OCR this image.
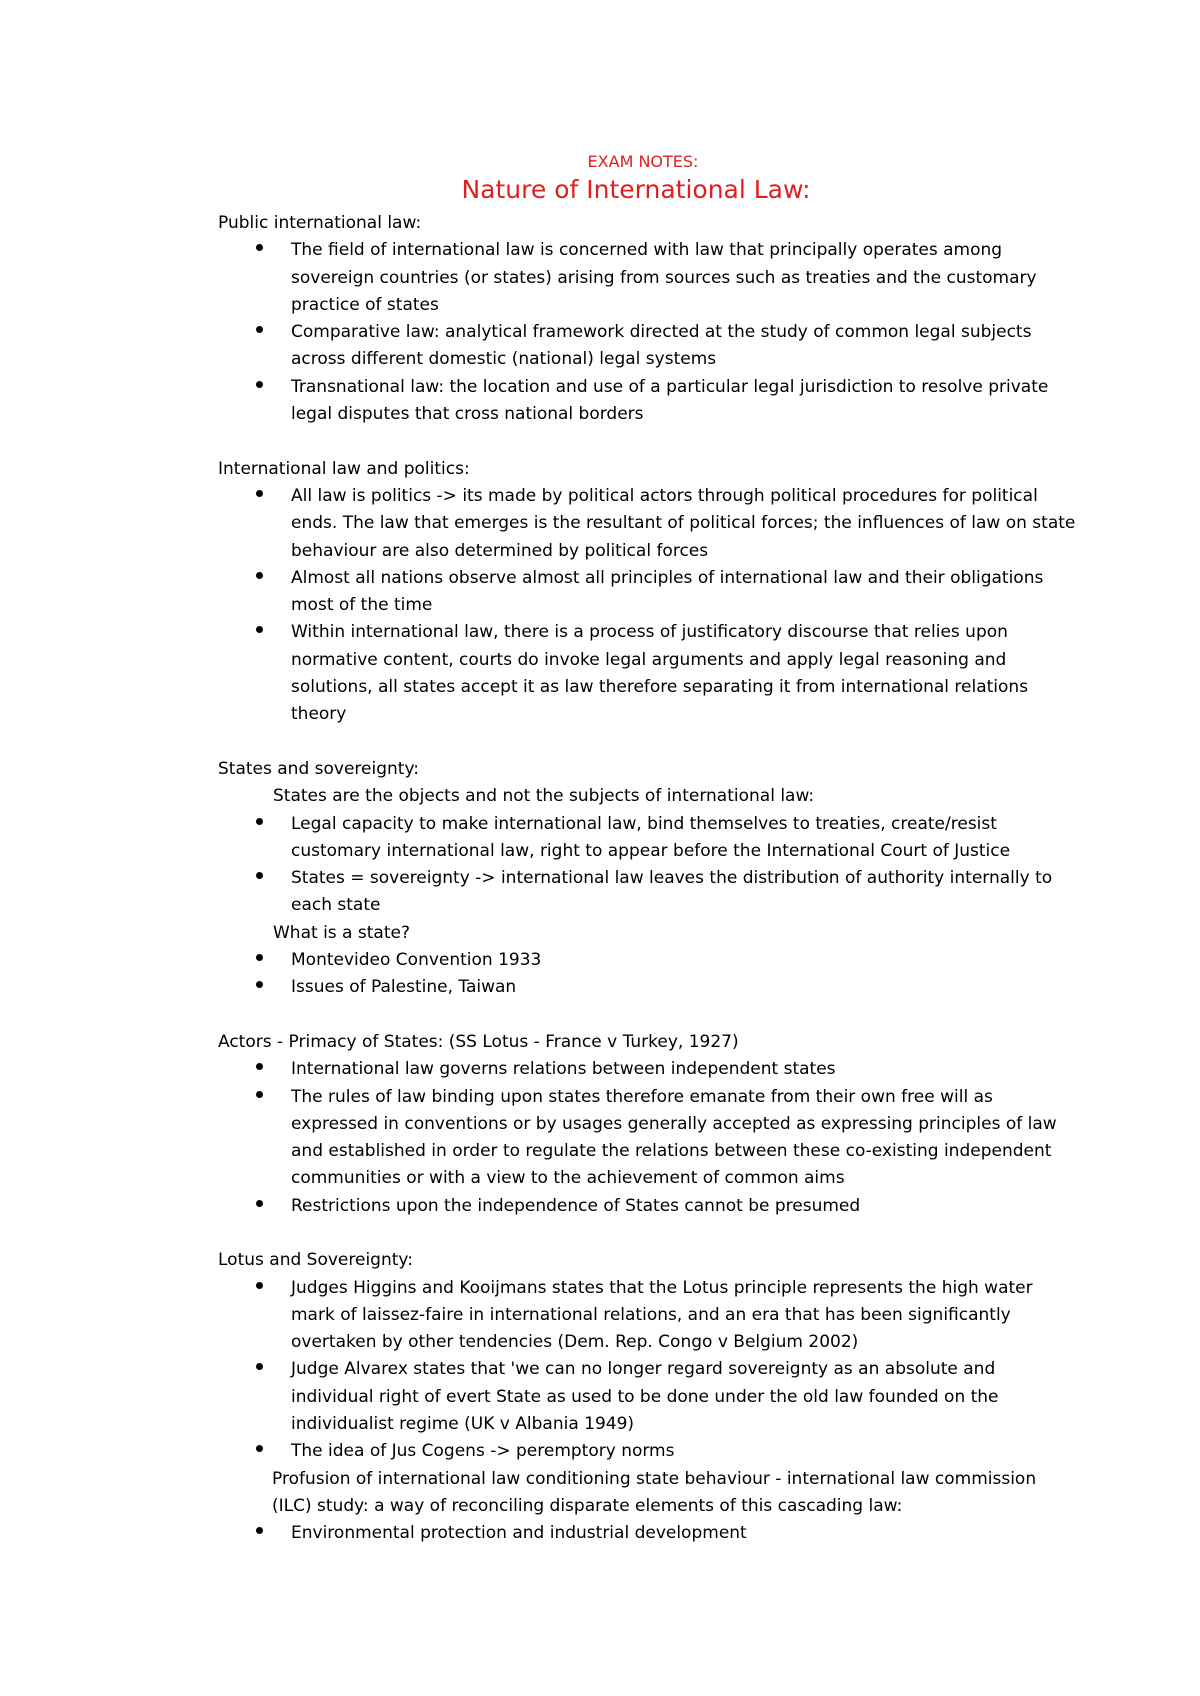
EXAM NOTES:
Nature of International Law:
Public international law:
The field of international law is concerned with law that principally operates among sovereign countries (or states) arising from sources such as treaties and the customary practice of states
Comparative law: analytical framework directed at the study of common legal subjects across different domestic (national) legal systems
Transnational law: the location and use of a particular legal jurisdiction to resolve private legal disputes that cross national borders
International law and politics:
All law is politics -> its made by political actors through political procedures for political ends. The law that emerges is the resultant of political forces; the influences of law on state behaviour are also determined by political forces
Almost all nations observe almost all principles of international law and their obligations most of the time
Within international law, there is a process of justificatory discourse that relies upon normative content, courts do invoke legal arguments and apply legal reasoning and solutions, all states accept it as law therefore separating it from international relations theory
States and sovereignty:
States are the objects and not the subjects of international law:
Legal capacity to make international law, bind themselves to treaties, create/resist customary international law, right to appear before the International Court of Justice
States = sovereignty -> international law leaves the distribution of authority internally to each state
What is a state?
Montevideo Convention 1933
Issues of Palestine, Taiwan
Actors - Primacy of States: (SS Lotus - France v Turkey, 1927)
International law governs relations between independent states
The rules of law binding upon states therefore emanate from their own free will as expressed in conventions or by usages generally accepted as expressing principles of law and established in order to regulate the relations between these co-existing independent communities or with a view to the achievement of common aims
Restrictions upon the independence of States cannot be presumed
Lotus and Sovereignty:
Judges Higgins and Kooijmans states that the Lotus principle represents the high water mark of laissez-faire in international relations, and an era that has been significantly overtaken by other tendencies (Dem. Rep. Congo v Belgium 2002)
Judge Alvarex states that 'we can no longer regard sovereignty as an absolute and individual right of evert State as used to be done under the old law founded on the individualist regime (UK v Albania 1949)
The idea of Jus Cogens -> peremptory norms
Profusion of international law conditioning state behaviour - international law commission (ILC) study: a way of reconciling disparate elements of this cascading law:
Environmental protection and industrial development
